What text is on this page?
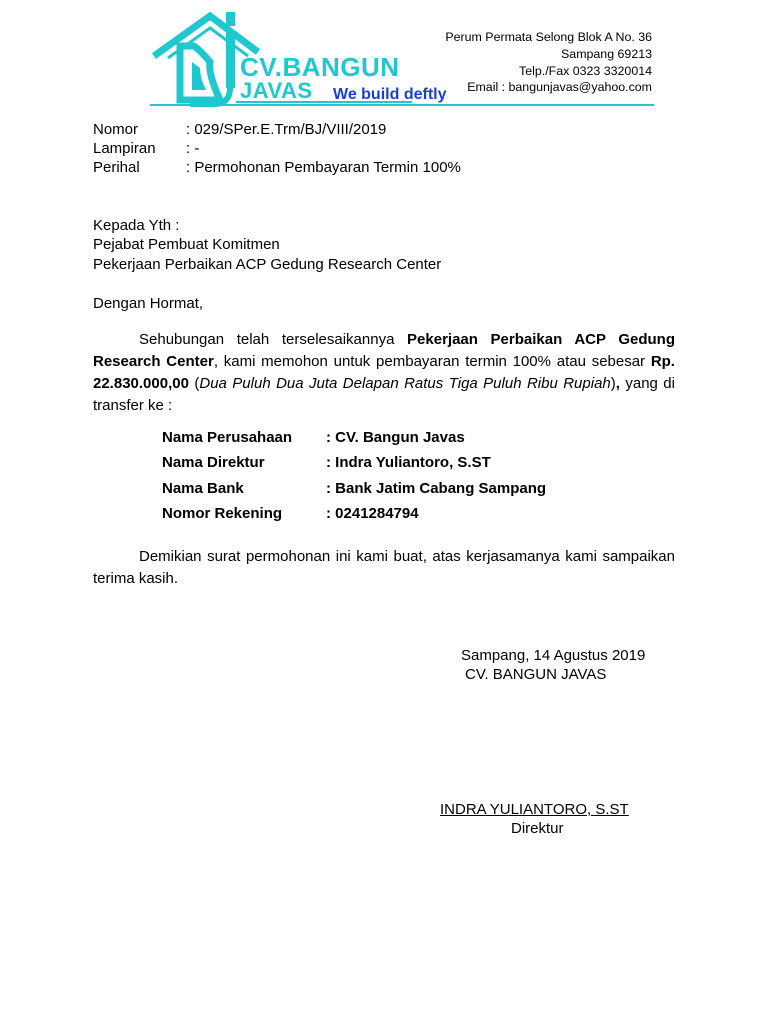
CV.BANGUN
JAVAS We build deftly
Perum Permata Selong Blok A No. 36
Sampang 69213
Telp./Fax 0323 3320014
Email : bangunjavas@yahoo.com
Nomor	: 029/SPer.E.Trm/BJ/VIII/2019
Lampiran : -
Perihal	: Permohonan Pembayaran Termin 100%
Kepada Yth :
Pejabat Pembuat Komitmen
Pekerjaan Perbaikan ACP Gedung Research Center
Dengan Hormat,
Sehubungan telah terselesaikannya Pekerjaan Perbaikan ACP Gedung Research Center, kami memohon untuk pembayaran termin 100% atau sebesar Rp. 22.830.000,00 (Dua Puluh Dua Juta Delapan Ratus Tiga Puluh Ribu Rupiah), yang di transfer ke :
Nama Perusahaan : CV. Bangun Javas
Nama Direktur	: Indra Yuliantoro, S.ST
Nama Bank	: Bank Jatim Cabang Sampang
Nomor Rekening	: 0241284794
Demikian surat permohonan ini kami buat, atas kerjasamanya kami sampaikan terima kasih.
Sampang, 14 Agustus 2019
CV. BANGUN JAVAS
INDRA YULIANTORO, S.ST
Direktur
